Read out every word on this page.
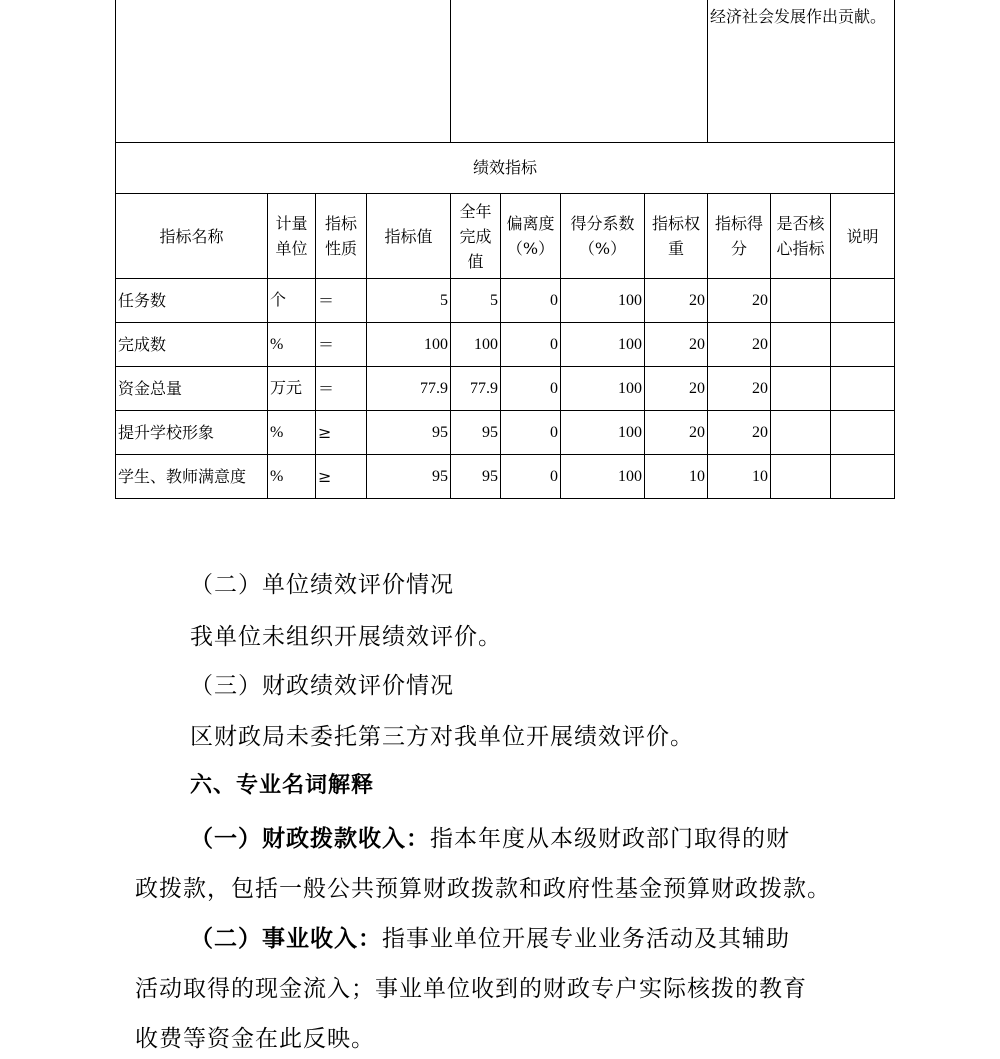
								经济社会发展作出贡献。		
绩效指标										
指标名称	计量单位	指标性质	指标值	全年完成值	偏离度（%）	得分系数（%）	指标权重	指标得分	是否核心指标	说明
任务数	个	＝	5	5	0	100	20	20		
完成数	%	＝	100	100	0	100	20	20		
资金总量	万元	＝	77.9	77.9	0	100	20	20		
提升学校形象	%	≥	95	95	0	100	20	20		
学生、教师满意度	%	≥	95	95	0	100	10	10		
（二）单位绩效评价情况
我单位未组织开展绩效评价。
（三）财政绩效评价情况
区财政局未委托第三方对我单位开展绩效评价。
六、专业名词解释
（一）财政拨款收入：指本年度从本级财政部门取得的财
政拨款，包括一般公共预算财政拨款和政府性基金预算财政拨款。
（二）事业收入：指事业单位开展专业业务活动及其辅助
活动取得的现金流入；事业单位收到的财政专户实际核拨的教育
收费等资金在此反映。
